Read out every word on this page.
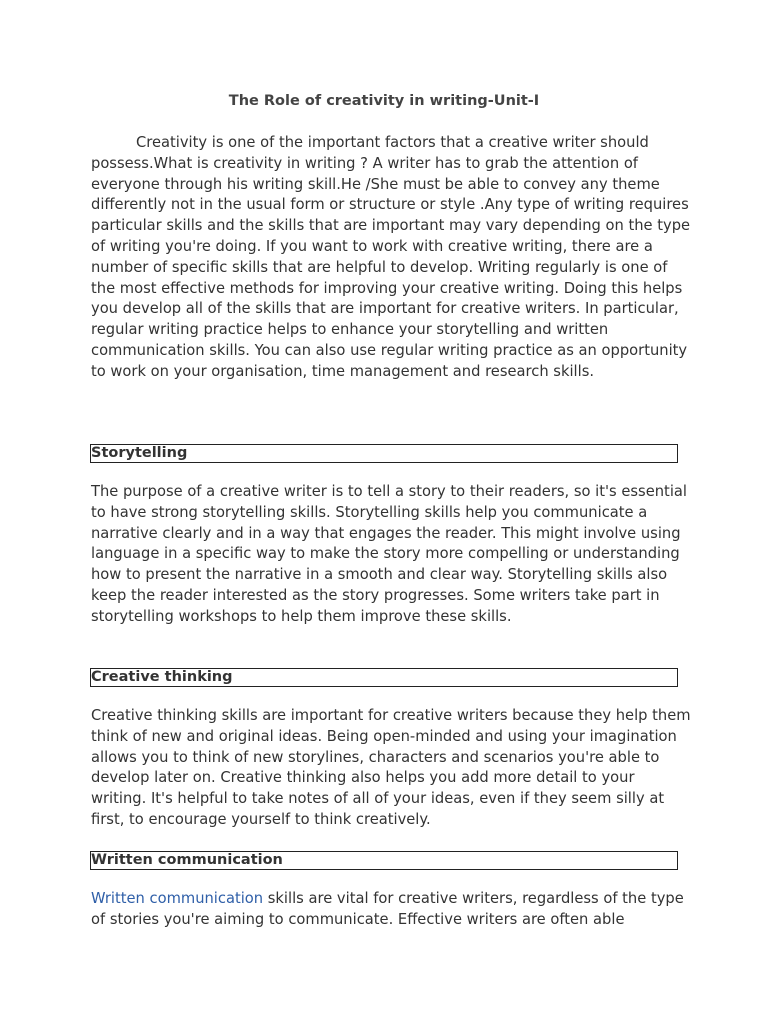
The Role of creativity in writing-Unit-I

Creativity is one of the important factors that a creative writer should possess.What is creativity in writing ? A writer has to grab the attention of everyone through his writing skill.He /She must be able to convey any theme differently not in the usual form or structure or style .Any type of writing requires particular skills and the skills that are important may vary depending on the type of writing you're doing. If you want to work with creative writing, there are a number of specific skills that are helpful to develop. Writing regularly is one of the most effective methods for improving your creative writing. Doing this helps you develop all of the skills that are important for creative writers. In particular, regular writing practice helps to enhance your storytelling and written communication skills. You can also use regular writing practice as an opportunity to work on your organisation, time management and research skills.

Storytelling

The purpose of a creative writer is to tell a story to their readers, so it's essential to have strong storytelling skills. Storytelling skills help you communicate a narrative clearly and in a way that engages the reader. This might involve using language in a specific way to make the story more compelling or understanding how to present the narrative in a smooth and clear way. Storytelling skills also keep the reader interested as the story progresses. Some writers take part in storytelling workshops to help them improve these skills.

Creative thinking

Creative thinking skills are important for creative writers because they help them think of new and original ideas. Being open-minded and using your imagination allows you to think of new storylines, characters and scenarios you're able to develop later on. Creative thinking also helps you add more detail to your writing. It's helpful to take notes of all of your ideas, even if they seem silly at first, to encourage yourself to think creatively.

Written communication

Written communication skills are vital for creative writers, regardless of the type of stories you're aiming to communicate. Effective writers are often able
